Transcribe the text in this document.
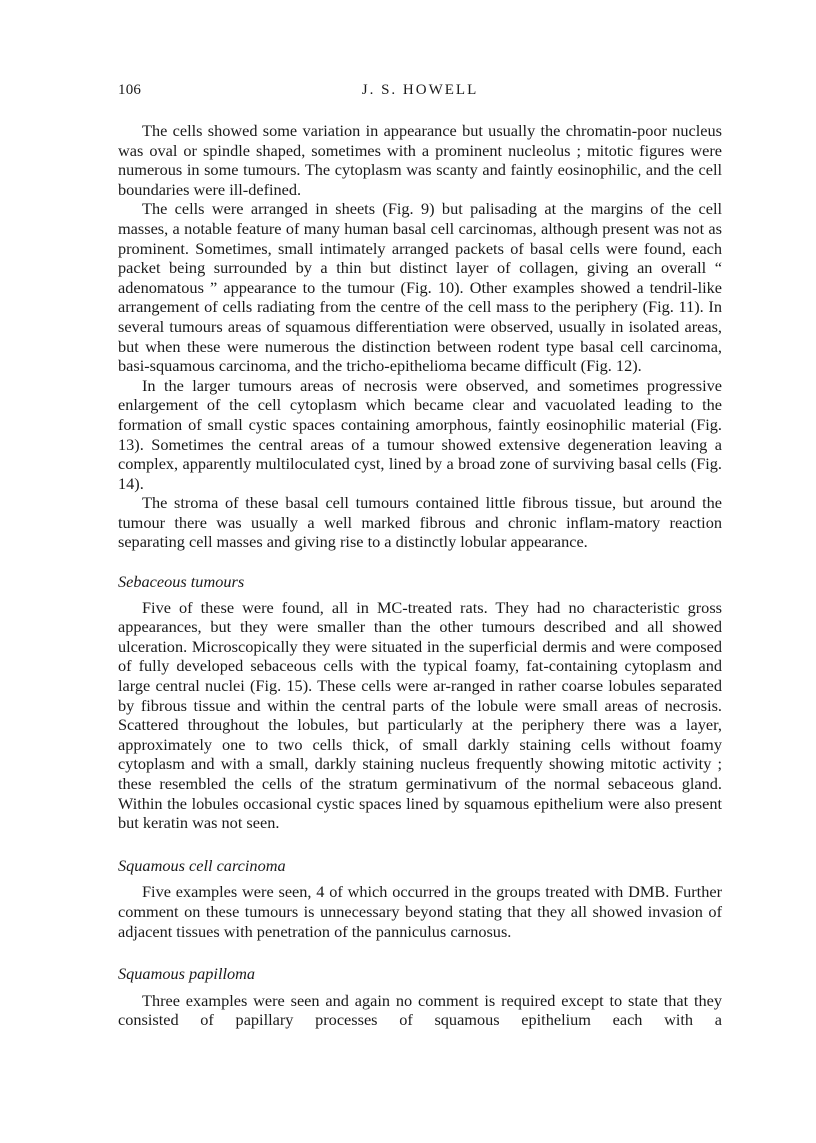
106	J. S. HOWELL

The cells showed some variation in appearance but usually the chromatin-poor nucleus was oval or spindle shaped, sometimes with a prominent nucleolus ; mitotic figures were numerous in some tumours. The cytoplasm was scanty and faintly eosinophilic, and the cell boundaries were ill-defined.

The cells were arranged in sheets (Fig. 9) but palisading at the margins of the cell masses, a notable feature of many human basal cell carcinomas, although present was not as prominent. Sometimes, small intimately arranged packets of basal cells were found, each packet being surrounded by a thin but distinct layer of collagen, giving an overall “ adenomatous ” appearance to the tumour (Fig. 10). Other examples showed a tendril-like arrangement of cells radiating from the centre of the cell mass to the periphery (Fig. 11). In several tumours areas of squamous differentiation were observed, usually in isolated areas, but when these were numerous the distinction between rodent type basal cell carcinoma, basi-squamous carcinoma, and the tricho-epithelioma became difficult (Fig. 12).

In the larger tumours areas of necrosis were observed, and sometimes progressive enlargement of the cell cytoplasm which became clear and vacuolated leading to the formation of small cystic spaces containing amorphous, faintly eosinophilic material (Fig. 13). Sometimes the central areas of a tumour showed extensive degeneration leaving a complex, apparently multiloculated cyst, lined by a broad zone of surviving basal cells (Fig. 14).

The stroma of these basal cell tumours contained little fibrous tissue, but around the tumour there was usually a well marked fibrous and chronic inflam-matory reaction separating cell masses and giving rise to a distinctly lobular appearance.

Sebaceous tumours

Five of these were found, all in MC-treated rats. They had no characteristic gross appearances, but they were smaller than the other tumours described and all showed ulceration. Microscopically they were situated in the superficial dermis and were composed of fully developed sebaceous cells with the typical foamy, fat-containing cytoplasm and large central nuclei (Fig. 15). These cells were ar-ranged in rather coarse lobules separated by fibrous tissue and within the central parts of the lobule were small areas of necrosis. Scattered throughout the lobules, but particularly at the periphery there was a layer, approximately one to two cells thick, of small darkly staining cells without foamy cytoplasm and with a small, darkly staining nucleus frequently showing mitotic activity ; these resembled the cells of the stratum germinativum of the normal sebaceous gland. Within the lobules occasional cystic spaces lined by squamous epithelium were also present but keratin was not seen.

Squamous cell carcinoma

Five examples were seen, 4 of which occurred in the groups treated with DMB. Further comment on these tumours is unnecessary beyond stating that they all showed invasion of adjacent tissues with penetration of the panniculus carnosus.

Squamous papilloma

Three examples were seen and again no comment is required except to state that they consisted of papillary processes of squamous epithelium each with a
